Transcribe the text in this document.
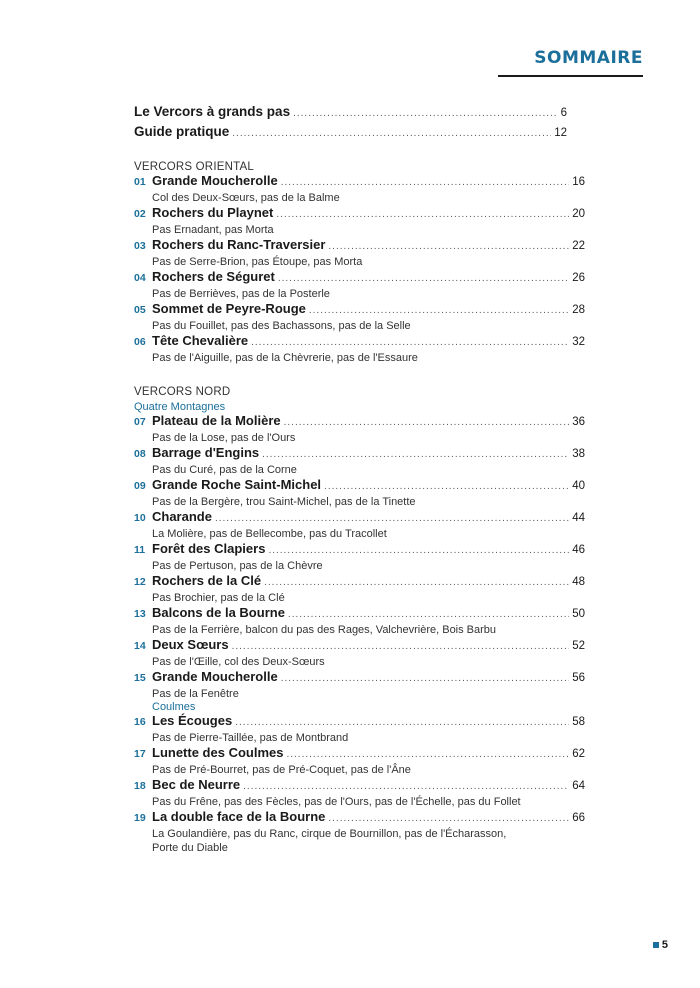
SOMMAIRE
Le Vercors à grands pas .....	6
Guide pratique .....	12
VERCORS ORIENTAL
01 Grande Moucherolle .....	16
Col des Deux-Sœurs, pas de la Balme
02 Rochers du Playnet .....	20
Pas Ernadant, pas Morta
03 Rochers du Ranc-Traversier .....	22
Pas de Serre-Brion, pas Étoupe, pas Morta
04 Rochers de Séguret .....	26
Pas de Berrièves, pas de la Posterle
05 Sommet de Peyre-Rouge .....	28
Pas du Fouillet, pas des Bachassons, pas de la Selle
06 Tête Chevalière .....	32
Pas de l'Aiguille, pas de la Chèvrerie, pas de l'Essaure
VERCORS NORD
Quatre Montagnes
07 Plateau de la Molière .....	36
Pas de la Lose, pas de l'Ours
08 Barrage d'Engins .....	38
Pas du Curé, pas de la Corne
09 Grande Roche Saint-Michel .....	40
Pas de la Bergère, trou Saint-Michel, pas de la Tinette
10 Charande .....	44
La Molière, pas de Bellecombe, pas du Tracollet
11 Forêt des Clapiers .....	46
Pas de Pertuson, pas de la Chèvre
12 Rochers de la Clé .....	48
Pas Brochier, pas de la Clé
13 Balcons de la Bourne .....	50
Pas de la Ferrière, balcon du pas des Rages, Valchevrière, Bois Barbu
14 Deux Sœurs .....	52
Pas de l'Œille, col des Deux-Sœurs
15 Grande Moucherolle .....	56
Pas de la Fenêtre
Coulmes
16 Les Écouges .....	58
Pas de Pierre-Taillée, pas de Montbrand
17 Lunette des Coulmes .....	62
Pas de Pré-Bourret, pas de Pré-Coquet, pas de l'Âne
18 Bec de Neurre .....	64
Pas du Frêne, pas des Fècles, pas de l'Ours, pas de l'Échelle, pas du Follet
19 La double face de la Bourne .....	66
La Goulandière, pas du Ranc, cirque de Bournillon, pas de l'Écharasson,
Porte du Diable
5
